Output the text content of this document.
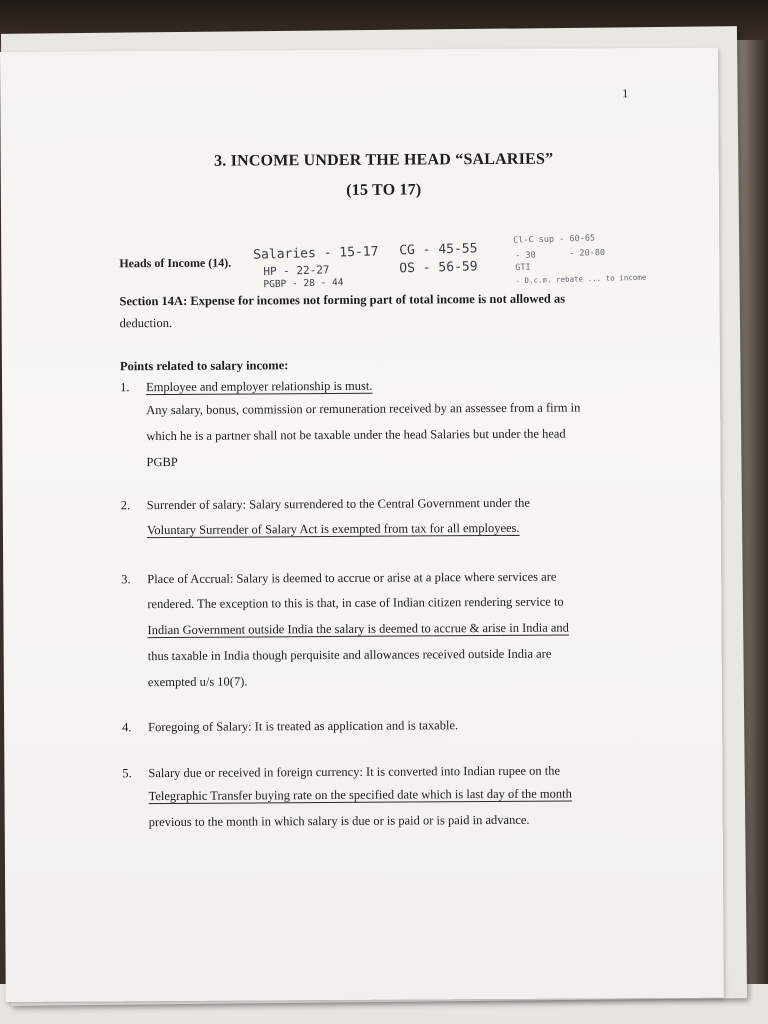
1
3. INCOME UNDER THE HEAD “SALARIES”
(15 TO 17)
Heads of Income (14).
Salaries - 15-17 CG - 45-55
Cl-C sup - 60-65
HP - 22-27	OS - 56-59
- 30	- 20-80
PGBP - 28 - 44
GTI
- D.c.m. rebate ... to income
Section 14A: Expense for incomes not forming part of total income is not allowed as
deduction.
Points related to salary income:
1. Employee and employer relationship is must.
Any salary, bonus, commission or remuneration received by an assessee from a firm in
which he is a partner shall not be taxable under the head Salaries but under the head
PGBP
2. Surrender of salary: Salary surrendered to the Central Government under the
Voluntary Surrender of Salary Act is exempted from tax for all employees.
3. Place of Accrual: Salary is deemed to accrue or arise at a place where services are
rendered. The exception to this is that, in case of Indian citizen rendering service to
Indian Government outside India the salary is deemed to accrue & arise in India and
thus taxable in India though perquisite and allowances received outside India are
exempted u/s 10(7).
4. Foregoing of Salary: It is treated as application and is taxable.
5. Salary due or received in foreign currency: It is converted into Indian rupee on the
Telegraphic Transfer buying rate on the specified date which is last day of the month
previous to the month in which salary is due or is paid or is paid in advance.
